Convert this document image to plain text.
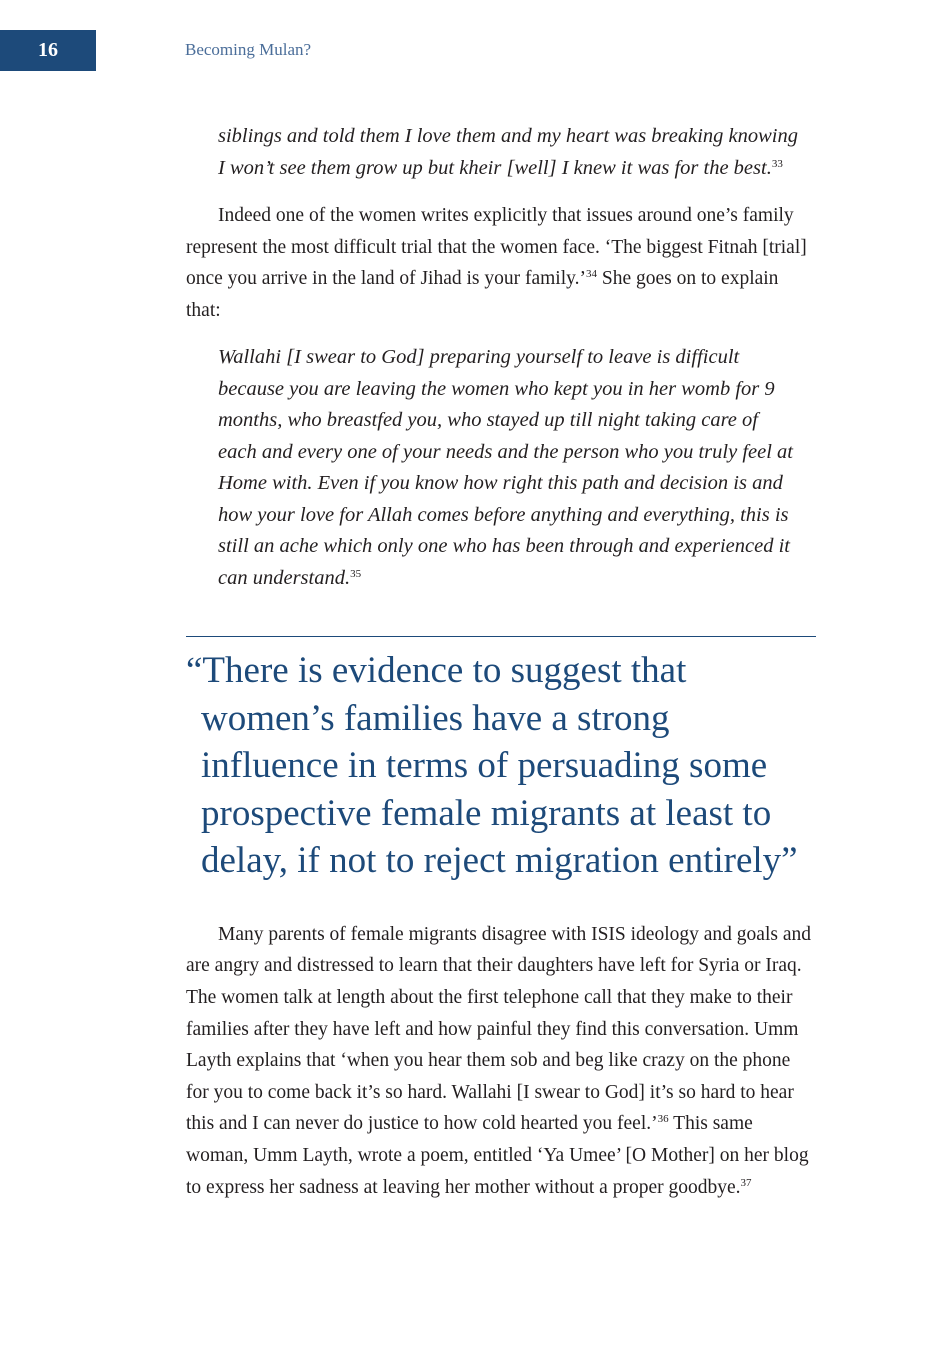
16	Becoming Mulan?

siblings and told them I love them and my heart was breaking knowing I won’t see them grow up but kheir [well] I knew it was for the best.$^{33}$

Indeed one of the women writes explicitly that issues around one’s family represent the most difficult trial that the women face. ‘The biggest Fitnah [trial] once you arrive in the land of Jihad is your family.’$^{34}$ She goes on to explain that:

Wallahi [I swear to God] preparing yourself to leave is difficult because you are leaving the women who kept you in her womb for 9 months, who breastfed you, who stayed up till night taking care of each and every one of your needs and the person who you truly feel at Home with. Even if you know how right this path and decision is and how your love for Allah comes before anything and everything, this is still an ache which only one who has been through and experienced it can understand.$^{35}$

“There is evidence to suggest that women’s families have a strong influence in terms of persuading some prospective female migrants at least to delay, if not to reject migration entirely”

Many parents of female migrants disagree with ISIS ideology and goals and are angry and distressed to learn that their daughters have left for Syria or Iraq. The women talk at length about the first telephone call that they make to their families after they have left and how painful they find this conversation. Umm Layth explains that ‘when you hear them sob and beg like crazy on the phone for you to come back it’s so hard. Wallahi [I swear to God] it’s so hard to hear this and I can never do justice to how cold hearted you feel.’$^{36}$ This same woman, Umm Layth, wrote a poem, entitled ‘Ya Umee’ [O Mother] on her blog to express her sadness at leaving her mother without a proper goodbye.$^{37}$
